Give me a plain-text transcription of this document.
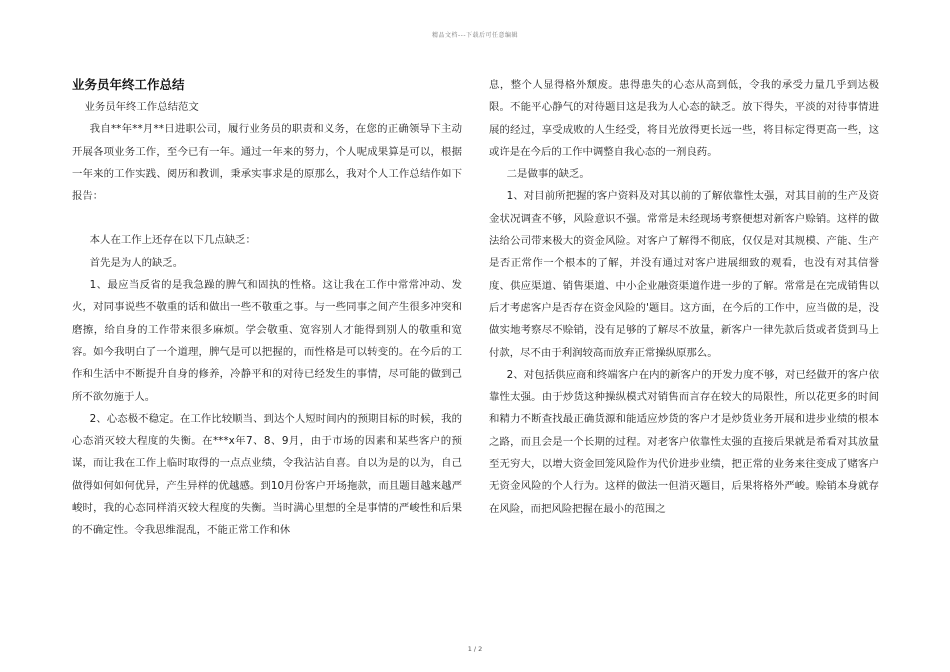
精品文档---下载后可任意编辑

业务员年终工作总结

业务员年终工作总结范文

我自**年**月**日进职公司，履行业务员的职责和义务，在您的正确领导下主动开展各项业务工作，至今已有一年。通过一年来的努力，个人呢成果算是可以，根据一年来的工作实践、阅历和教训，秉承实事求是的原那么，我对个人工作总结作如下报告：

本人在工作上还存在以下几点缺乏：

首先是为人的缺乏。

1、最应当反省的是我急躁的脾气和固执的性格。这让我在工作中常常冲动、发火，对同事说些不敬重的话和做出一些不敬重之事。与一些同事之间产生很多冲突和磨擦，给自身的工作带来很多麻烦。学会敬重、宽容别人才能得到别人的敬重和宽容。如今我明白了一个道理，脾气是可以把握的，而性格是可以转变的。在今后的工作和生活中不断提升自身的修养，冷静平和的对待已经发生的事情，尽可能的做到己所不欲勿施于人。

2、心态极不稳定。在工作比较顺当、到达个人短时间内的预期目标的时候，我的心态消灭较大程度的失衡。在***x年7、8、9月，由于市场的因素和某些客户的预谋，而让我在工作上临时取得的一点点业绩，令我沾沾自喜。自以为是的以为，自己做得如何如何优异，产生异样的优越感。到10月份客户开场拖款，而且题目越来越严峻时，我的心态同样消灭较大程度的失衡。当时满心里想的全是事情的严峻性和后果的不确定性。令我思维混乱，不能正常工作和休

息，整个人显得格外颓废。患得患失的心态从高到低，令我的承受力量几乎到达极限。不能平心静气的对待题目这是我为人心态的缺乏。放下得失，平淡的对待事情进展的经过，享受成败的人生经受，将目光放得更长远一些，将目标定得更高一些，这或许是在今后的工作中调整自我心态的一剂良药。

二是做事的缺乏。

1、对目前所把握的客户资料及对其以前的了解依靠性太强，对其目前的生产及资金状况调查不够，风险意识不强。常常是未经现场考察便想对新客户赊销。这样的做法给公司带来极大的资金风险。对客户了解得不彻底，仅仅是对其规模、产能、生产是否正常作一个根本的了解，并没有通过对客户进展细致的观看，也没有对其信誉度、供应渠道、销售渠道、中小企业融资渠道作进一步的了解。常常是在完成销售以后才考虑客户是否存在资金风险的'题目。这方面，在今后的工作中，应当做的是，没做实地考察尽不赊销，没有足够的了解尽不放量，新客户一律先款后货或者货到马上付款，尽不由于利润较高而放弃正常操纵原那么。

2、对包括供应商和终端客户在内的新客户的开发力度不够，对已经做开的客户依靠性太强。由于炒货这种操纵模式对销售而言存在较大的局限性，所以花更多的时间和精力不断查找最正确货源和能适应炒货的客户才是炒货业务开展和进步业绩的根本之路，而且会是一个长期的过程。对老客户依靠性太强的直接后果就是希看对其放量至无穷大，以增大资金回笼风险作为代价进步业绩，把正常的业务来往变成了赌客户无资金风险的个人行为。这样的做法一但消灭题目，后果将格外严峻。赊销本身就存在风险，而把风险把握在最小的范围之

1 / 2
